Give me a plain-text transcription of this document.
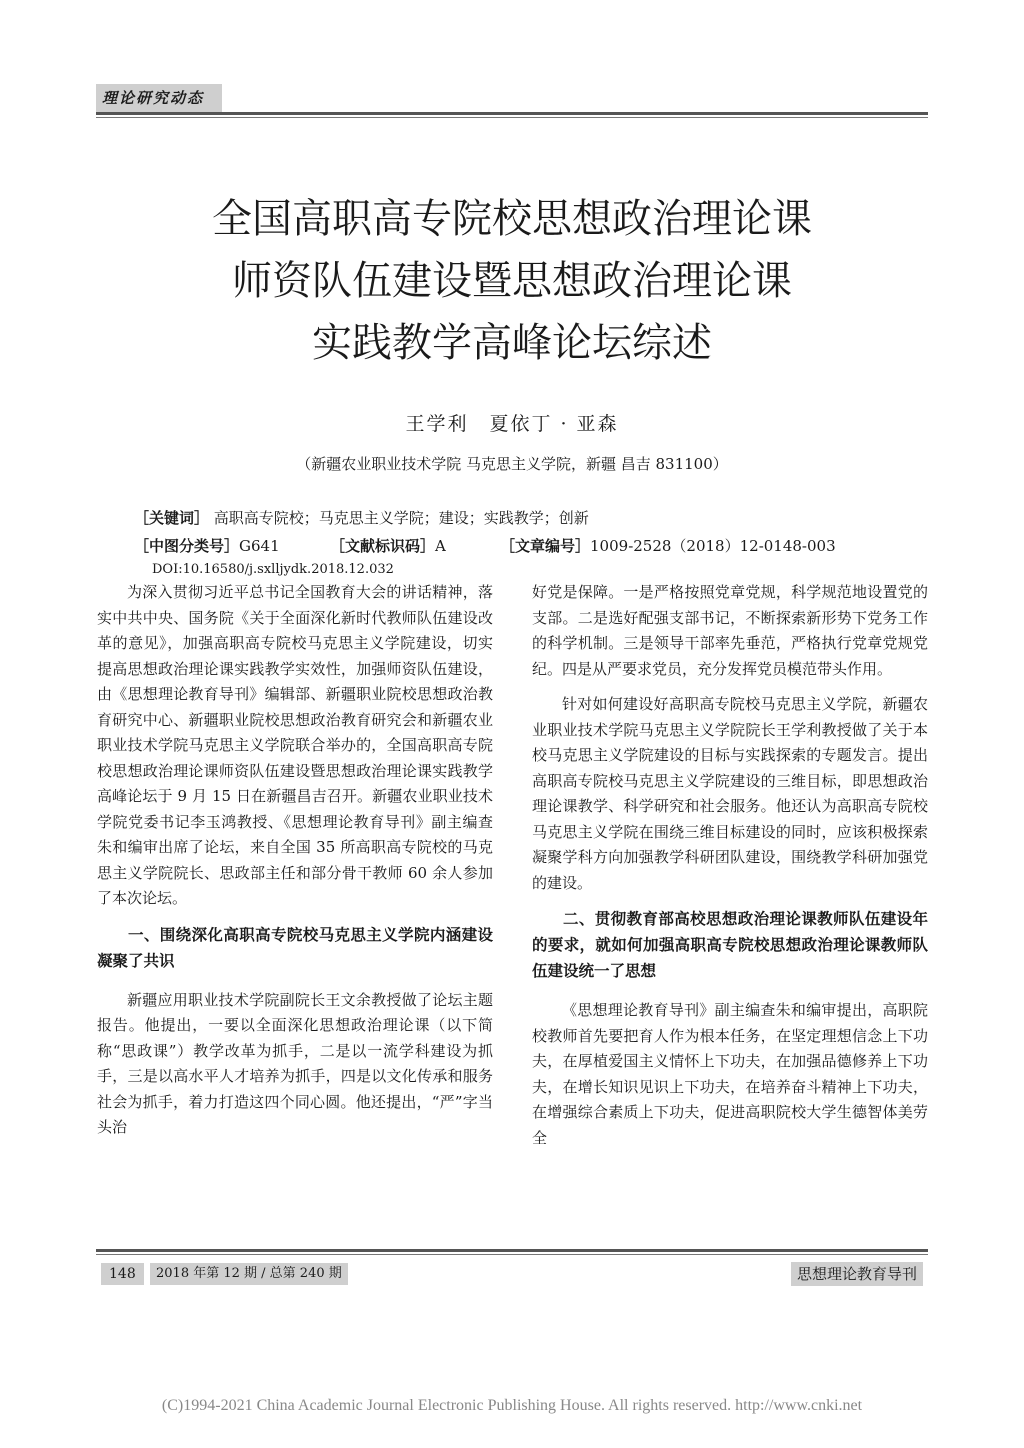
理论研究动态
全国高职高专院校思想政治理论课
师资队伍建设暨思想政治理论课
实践教学高峰论坛综述
王学利　夏依丁 · 亚森
（新疆农业职业技术学院 马克思主义学院，新疆 昌吉 831100）
［关键词］ 高职高专院校；马克思主义学院；建设；实践教学；创新
［中图分类号］G641	［文献标识码］A	［文章编号］1009-2528（2018）12-0148-003
DOI:10.16580/j.sxlljydk.2018.12.032

为深入贯彻习近平总书记全国教育大会的讲话精神，落实中共中央、国务院《关于全面深化新时代教师队伍建设改革的意见》，加强高职高专院校马克思主义学院建设，切实提高思想政治理论课实践教学实效性，加强师资队伍建设，由《思想理论教育导刊》编辑部、新疆职业院校思想政治教育研究中心、新疆职业院校思想政治教育研究会和新疆农业职业技术学院马克思主义学院联合举办的，全国高职高专院校思想政治理论课师资队伍建设暨思想政治理论课实践教学高峰论坛于 9 月 15 日在新疆昌吉召开。新疆农业职业技术学院党委书记李玉鸿教授、《思想理论教育导刊》副主编查朱和编审出席了论坛，来自全国 35 所高职高专院校的马克思主义学院院长、思政部主任和部分骨干教师 60 余人参加了本次论坛。

一、围绕深化高职高专院校马克思主义学院内涵建设凝聚了共识

新疆应用职业技术学院副院长王文余教授做了论坛主题报告。他提出，一要以全面深化思想政治理论课（以下简称“思政课”）教学改革为抓手，二是以一流学科建设为抓手，三是以高水平人才培养为抓手，四是以文化传承和服务社会为抓手，着力打造这四个同心圆。他还提出，“严”字当头治

好党是保障。一是严格按照党章党规，科学规范地设置党的支部。二是选好配强支部书记，不断探索新形势下党务工作的科学机制。三是领导干部率先垂范，严格执行党章党规党纪。四是从严要求党员，充分发挥党员模范带头作用。

针对如何建设好高职高专院校马克思主义学院，新疆农业职业技术学院马克思主义学院院长王学利教授做了关于本校马克思主义学院建设的目标与实践探索的专题发言。提出高职高专院校马克思主义学院建设的三维目标，即思想政治理论课教学、科学研究和社会服务。他还认为高职高专院校马克思主义学院在围绕三维目标建设的同时，应该积极探索凝聚学科方向加强教学科研团队建设，围绕教学科研加强党的建设。

二、贯彻教育部高校思想政治理论课教师队伍建设年的要求，就如何加强高职高专院校思想政治理论课教师队伍建设统一了思想

《思想理论教育导刊》副主编查朱和编审提出，高职院校教师首先要把育人作为根本任务，在坚定理想信念上下功夫，在厚植爱国主义情怀上下功夫，在加强品德修养上下功夫，在增长知识见识上下功夫，在培养奋斗精神上下功夫，在增强综合素质上下功夫，促进高职院校大学生德智体美劳全

148	2018 年第 12 期 / 总第 240 期	思想理论教育导刊
(C)1994-2021 China Academic Journal Electronic Publishing House. All rights reserved. http://www.cnki.net
